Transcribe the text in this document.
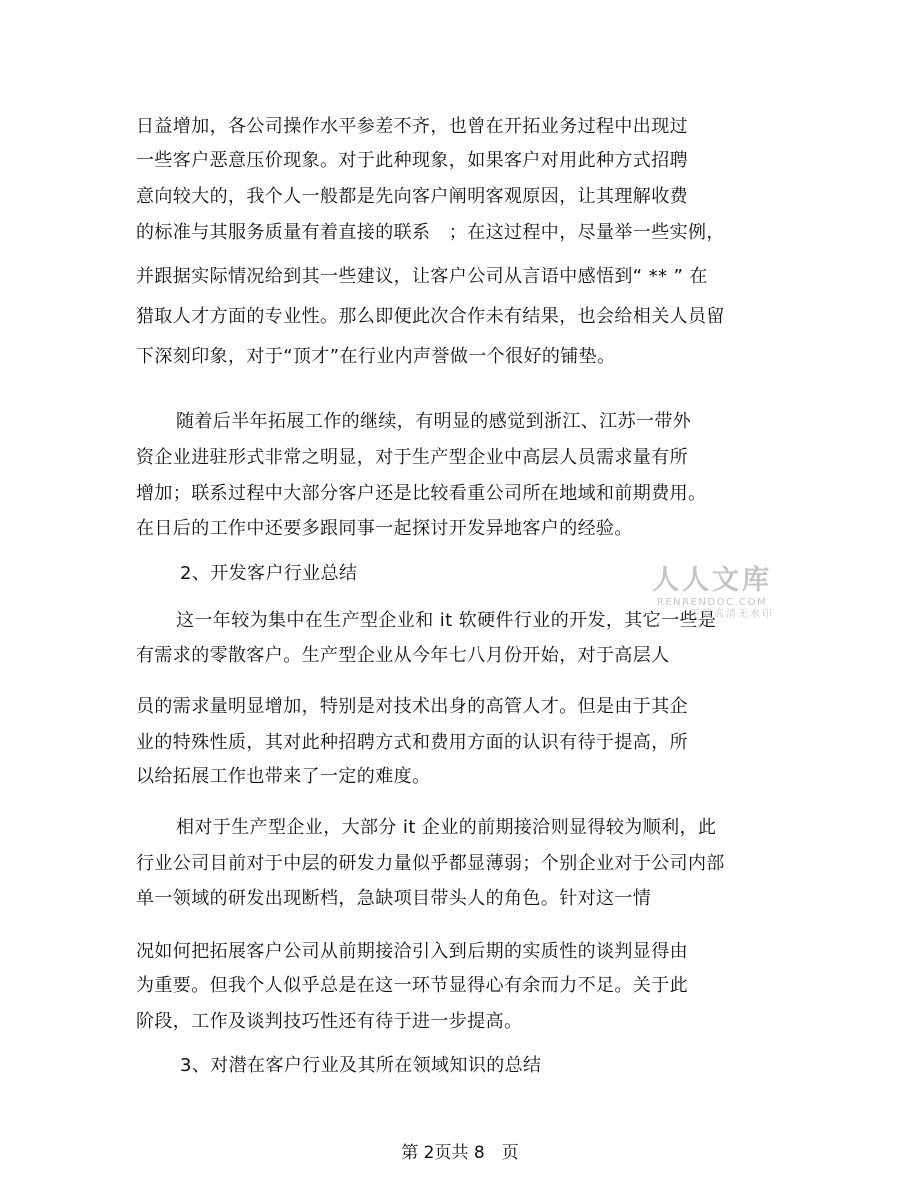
日益增加，各公司操作水平参差不齐，也曾在开拓业务过程中出现过
一些客户恶意压价现象。对于此种现象，如果客户对用此种方式招聘
意向较大的，我个人一般都是先向客户阐明客观原因，让其理解收费
的标准与其服务质量有着直接的联系　；在这过程中，尽量举一些实例，
并跟据实际情况给到其一些建议，让客户公司从言语中感悟到“ ** ” 在
猎取人才方面的专业性。那么即便此次合作未有结果，也会给相关人员留
下深刻印象，对于“顶才”在行业内声誉做一个很好的铺垫。
随着后半年拓展工作的继续，有明显的感觉到浙江、江苏一带外
资企业进驻形式非常之明显，对于生产型企业中高层人员需求量有所
增加；联系过程中大部分客户还是比较看重公司所在地域和前期费用。
在日后的工作中还要多跟同事一起探讨开发异地客户的经验。
2、开发客户行业总结
这一年较为集中在生产型企业和 it 软硬件行业的开发，其它一些是
有需求的零散客户。生产型企业从今年七八月份开始，对于高层人
员的需求量明显增加，特别是对技术出身的高管人才。但是由于其企
业的特殊性质，其对此种招聘方式和费用方面的认识有待于提高，所
以给拓展工作也带来了一定的难度。
相对于生产型企业，大部分 it 企业的前期接洽则显得较为顺利，此
行业公司目前对于中层的研发力量似乎都显薄弱；个别企业对于公司内部
单一领域的研发出现断档，急缺项目带头人的角色。针对这一情
况如何把拓展客户公司从前期接洽引入到后期的实质性的谈判显得由
为重要。但我个人似乎总是在这一环节显得心有余而力不足。关于此
阶段，工作及谈判技巧性还有待于进一步提高。
3、对潜在客户行业及其所在领域知识的总结
人人文库
RENRENDOC.COM
下载高清无水印
第 2页共 8　页
